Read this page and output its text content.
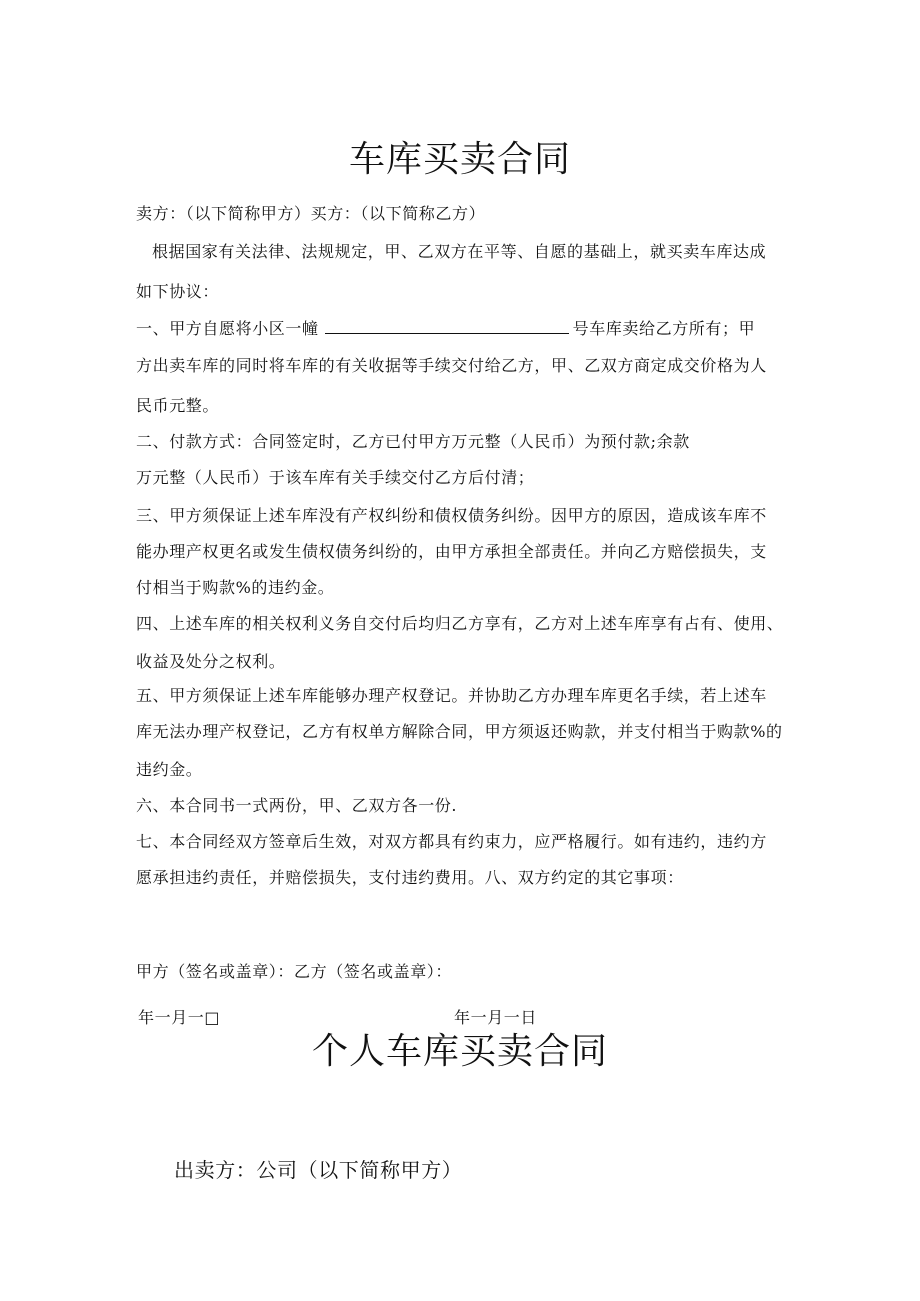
车库买卖合同
卖方：（以下简称甲方）买方：（以下简称乙方）
根据国家有关法律、法规规定，甲、乙双方在平等、自愿的基础上，就买卖车库达成
如下协议：
一、甲方自愿将小区一幢	号车库卖给乙方所有；甲
方出卖车库的同时将车库的有关收据等手续交付给乙方，甲、乙双方商定成交价格为人
民币元整。
二、付款方式：合同签定时，乙方已付甲方万元整（人民币）为预付款;余款
万元整（人民币）于该车库有关手续交付乙方后付清；
三、甲方须保证上述车库没有产权纠纷和债权债务纠纷。因甲方的原因，造成该车库不
能办理产权更名或发生债权债务纠纷的，由甲方承担全部责任。并向乙方赔偿损失，支
付相当于购款%的违约金。
四、上述车库的相关权利义务自交付后均归乙方享有，乙方对上述车库享有占有、使用、
收益及处分之权利。
五、甲方须保证上述车库能够办理产权登记。并协助乙方办理车库更名手续，若上述车
库无法办理产权登记，乙方有权单方解除合同，甲方须返还购款，并支付相当于购款%的
违约金。
六、本合同书一式两份，甲、乙双方各一份.
七、本合同经双方签章后生效，对双方都具有约束力，应严格履行。如有违约，违约方
愿承担违约责任，并赔偿损失，支付违约费用。八、双方约定的其它事项：
甲方（签名或盖章）：乙方（签名或盖章）：
年一月一□	年一月一日
个人车库买卖合同
出卖方：公司（以下简称甲方）
